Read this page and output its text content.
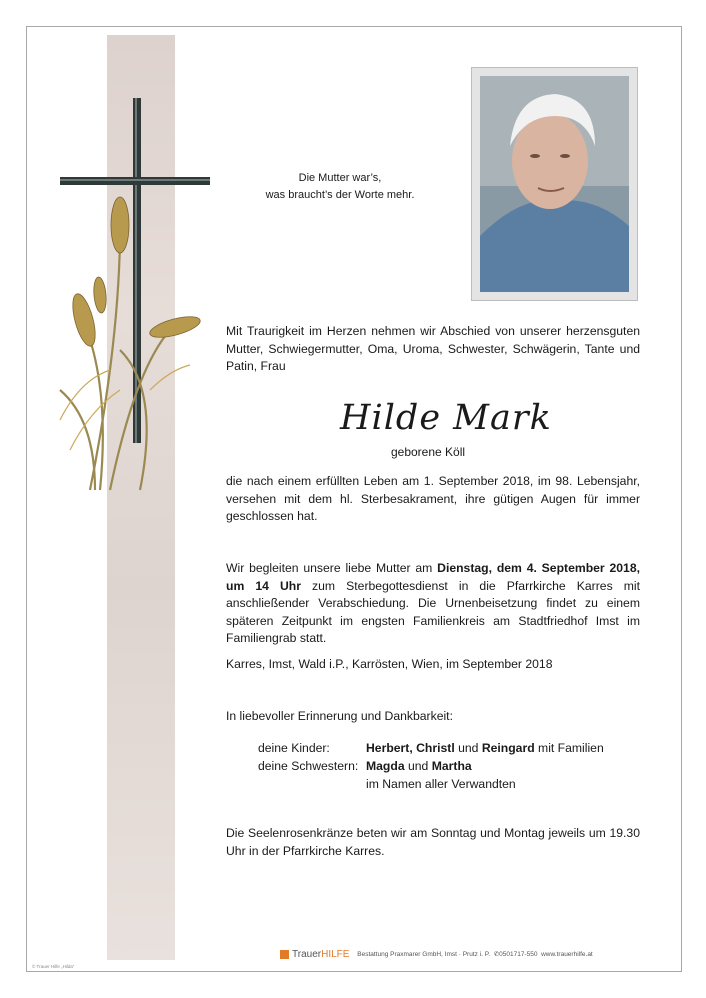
Die Mutter war’s,
was braucht’s der Worte mehr.
Mit Traurigkeit im Herzen nehmen wir Abschied von unserer herzensguten Mutter, Schwiegermutter, Oma, Uroma, Schwester, Schwägerin, Tante und Patin, Frau
Hilde Mark
geborene Köll
die nach einem erfüllten Leben am 1. September 2018, im 98. Lebensjahr, versehen mit dem hl. Sterbesakrament, ihre gütigen Augen für immer geschlossen hat.
Wir begleiten unsere liebe Mutter am Dienstag, dem 4. September 2018, um 14 Uhr zum Sterbegottesdienst in die Pfarrkirche Karres mit anschließender Verabschiedung. Die Urnenbeisetzung findet zu einem späteren Zeitpunkt im engsten Familienkreis am Stadtfriedhof Imst im Familiengrab statt.
Karres, Imst, Wald i.P., Karrösten, Wien, im September 2018
In liebevoller Erinnerung und Dankbarkeit:
deine Kinder:	Herbert, Christl und Reingard mit Familien
deine Schwestern: Magda und Martha
im Namen aller Verwandten
Die Seelenrosenkränze beten wir am Sonntag und Montag jeweils um 19.30 Uhr in der Pfarrkirche Karres.
TrauerHILFE Bestattung Praxmarer GmbH, Imst · Prutz i. P. ✆0501717-550 www.trauerhilfe.at
© Trauer Hilfe „Hilda“
